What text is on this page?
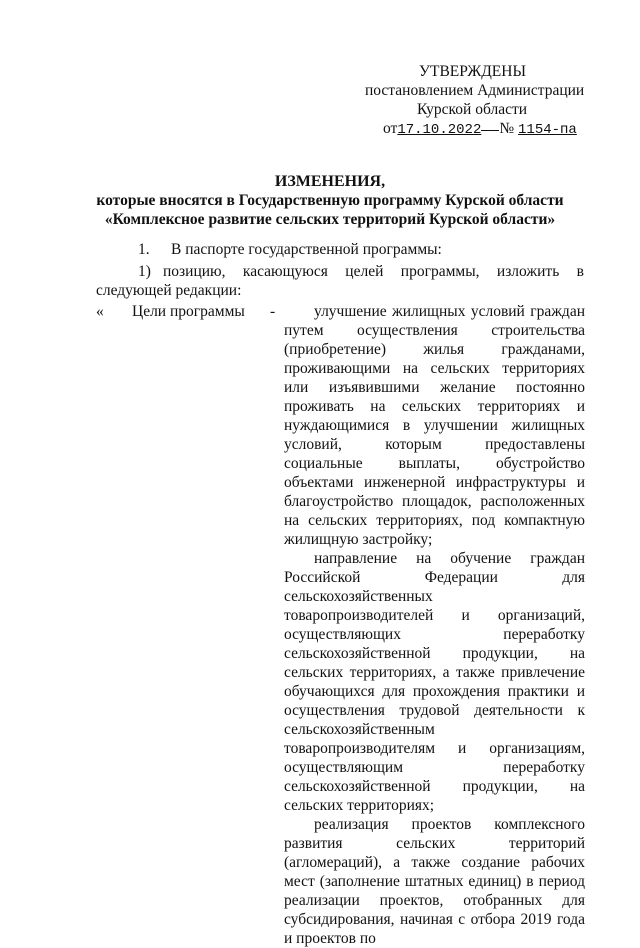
УТВЕРЖДЕНЫ
постановлением Администрации
Курской области
от17.10.2022 № 1154-па
ИЗМЕНЕНИЯ,
которые вносятся в Государственную программу Курской области
«Комплексное развитие сельских территорий Курской области»
1. В паспорте государственной программы:
1) позицию, касающуюся целей программы, изложить в следующей редакции:
« Цели программы -	улучшение жилищных условий граждан путем осуществления строительства (приобретение) жилья гражданами, проживающими на сельских территориях или изъявившими желание постоянно проживать на сельских территориях и нуждающимися в улучшении жилищных условий, которым предоставлены социальные выплаты, обустройство объектами инженерной инфраструктуры и благоустройство площадок, расположенных на сельских территориях, под компактную жилищную застройку;

направление на обучение граждан Российской Федерации для сельскохозяйственных товаропроизводителей и организаций, осуществляющих переработку сельскохозяйственной продукции, на сельских территориях, а также привлечение обучающихся для прохождения практики и осуществления трудовой деятельности к сельскохозяйственным товаропроизводителям и организациям, осуществляющим переработку сельскохозяйственной продукции, на сельских территориях;

реализация проектов комплексного развития сельских территорий (агломераций), а также создание рабочих мест (заполнение штатных единиц) в период реализации проектов, отобранных для субсидирования, начиная с отбора 2019 года и проектов по
